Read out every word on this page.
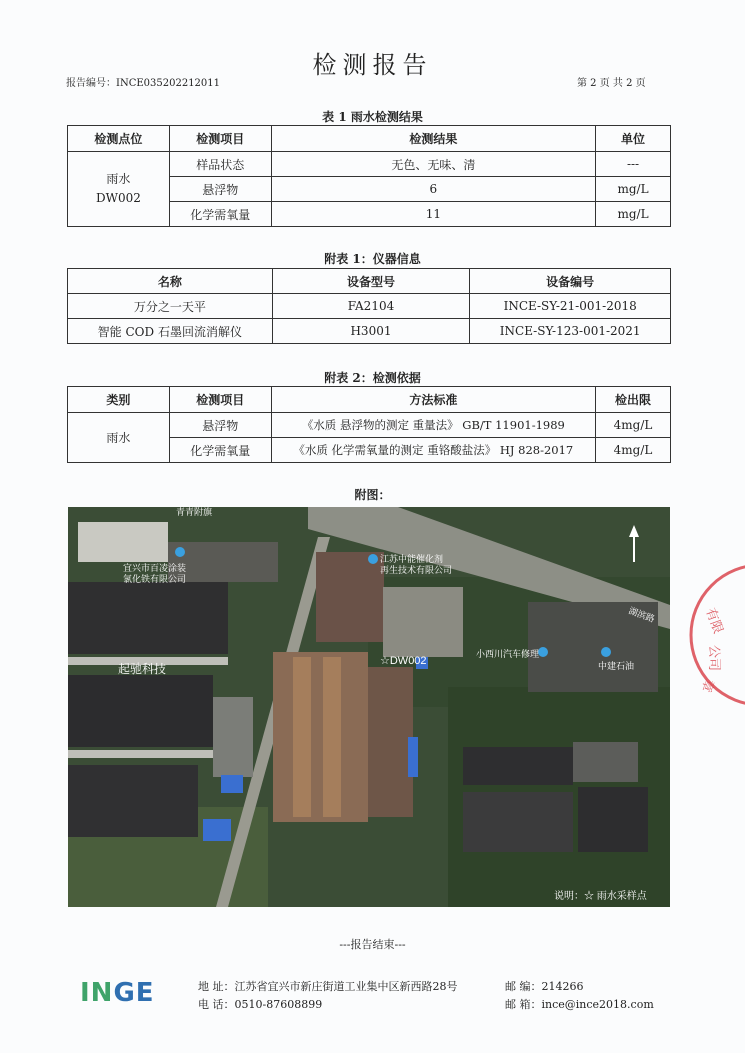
检测报告
报告编号：INCE035202212011	第 2 页 共 2 页
表 1 雨水检测结果
检测点位	检测项目	检测结果	单位
雨水
DW002	样品状态	无色、无味、清	---
	悬浮物	6	mg/L
	化学需氧量	11	mg/L
附表 1：仪器信息
名称	设备型号	设备编号
万分之一天平	FA2104	INCE-SY-21-001-2018
智能 COD 石墨回流消解仪	H3001	INCE-SY-123-001-2021
附表 2：检测依据
类别	检测项目	方法标准	检出限
雨水	悬浮物	《水质 悬浮物的测定 重量法》 GB/T 11901-1989	4mg/L
	化学需氧量	《水质 化学需氧量的测定 重铬酸盐法》 HJ 828-2017	4mg/L
附图：
青青附旗
宜兴市百凌涂装
氯化铁有限公司
江苏中能催化剂
再生技术有限公司
起驰科技
小西川汽车修理
中建石油
湖滨路
☆DW002
说明：☆ 雨水采样点
有限
公司
章
---报告结束---
INGE	地 址：江苏省宜兴市新庄街道工业集中区新西路28号	邮 编：214266
电 话：0510-87608899	邮 箱：ince@ince2018.com
